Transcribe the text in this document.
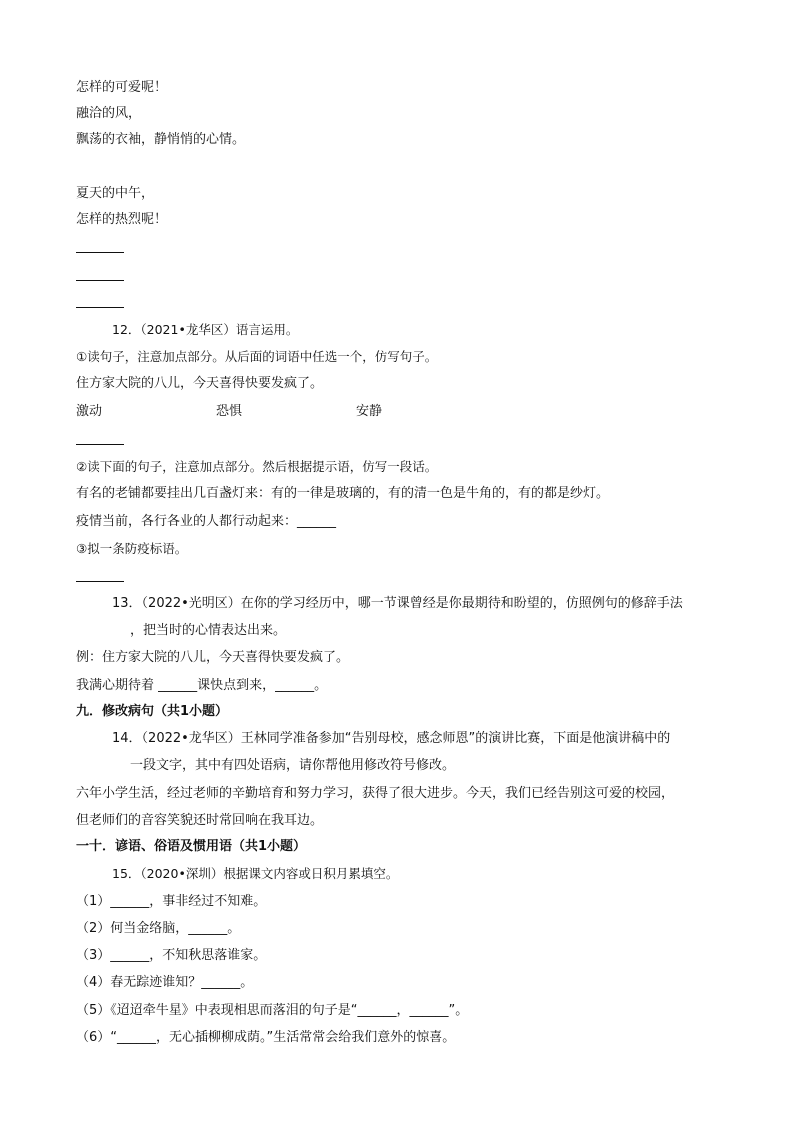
怎样的可爱呢！
融洽的风，
飘荡的衣袖，静悄悄的心情。
夏天的中午，
怎样的热烈呢！
12．（2021•龙华区）语言运用。
①读句子，注意加点部分。从后面的词语中任选一个，仿写句子。
住方家大院的八儿，今天喜得快要发疯了。
激动	恐惧	安静
②读下面的句子，注意加点部分。然后根据提示语，仿写一段话。
有名的老铺都要挂出几百盏灯来：有的一律是玻璃的，有的清一色是牛角的，有的都是纱灯。
疫情当前，各行各业的人都行动起来：______
③拟一条防疫标语。
13．（2022•光明区）在你的学习经历中，哪一节课曾经是你最期待和盼望的，仿照例句的修辞手法
，把当时的心情表达出来。
例：住方家大院的八儿，今天喜得快要发疯了。
我满心期待着 ______课快点到来，______。
九．修改病句（共1小题）
14．（2022•龙华区）王林同学准备参加“告别母校，感念师恩”的演讲比赛，下面是他演讲稿中的
一段文字，其中有四处语病，请你帮他用修改符号修改。
六年小学生活，经过老师的辛勤培育和努力学习，获得了很大进步。今天，我们已经告别这可爱的校园，
但老师们的音容笑貌还时常回响在我耳边。
一十．谚语、俗语及惯用语（共1小题）
15．（2020•深圳）根据课文内容或日积月累填空。
（1）______，事非经过不知难。
（2）何当金络脑，______。
（3）______，不知秋思落谁家。
（4）春无踪迹谁知？______。
（5）《迢迢牵牛星》中表现相思而落泪的句子是“______，______”。
（6）“______，无心插柳柳成荫。”生活常常会给我们意外的惊喜。
